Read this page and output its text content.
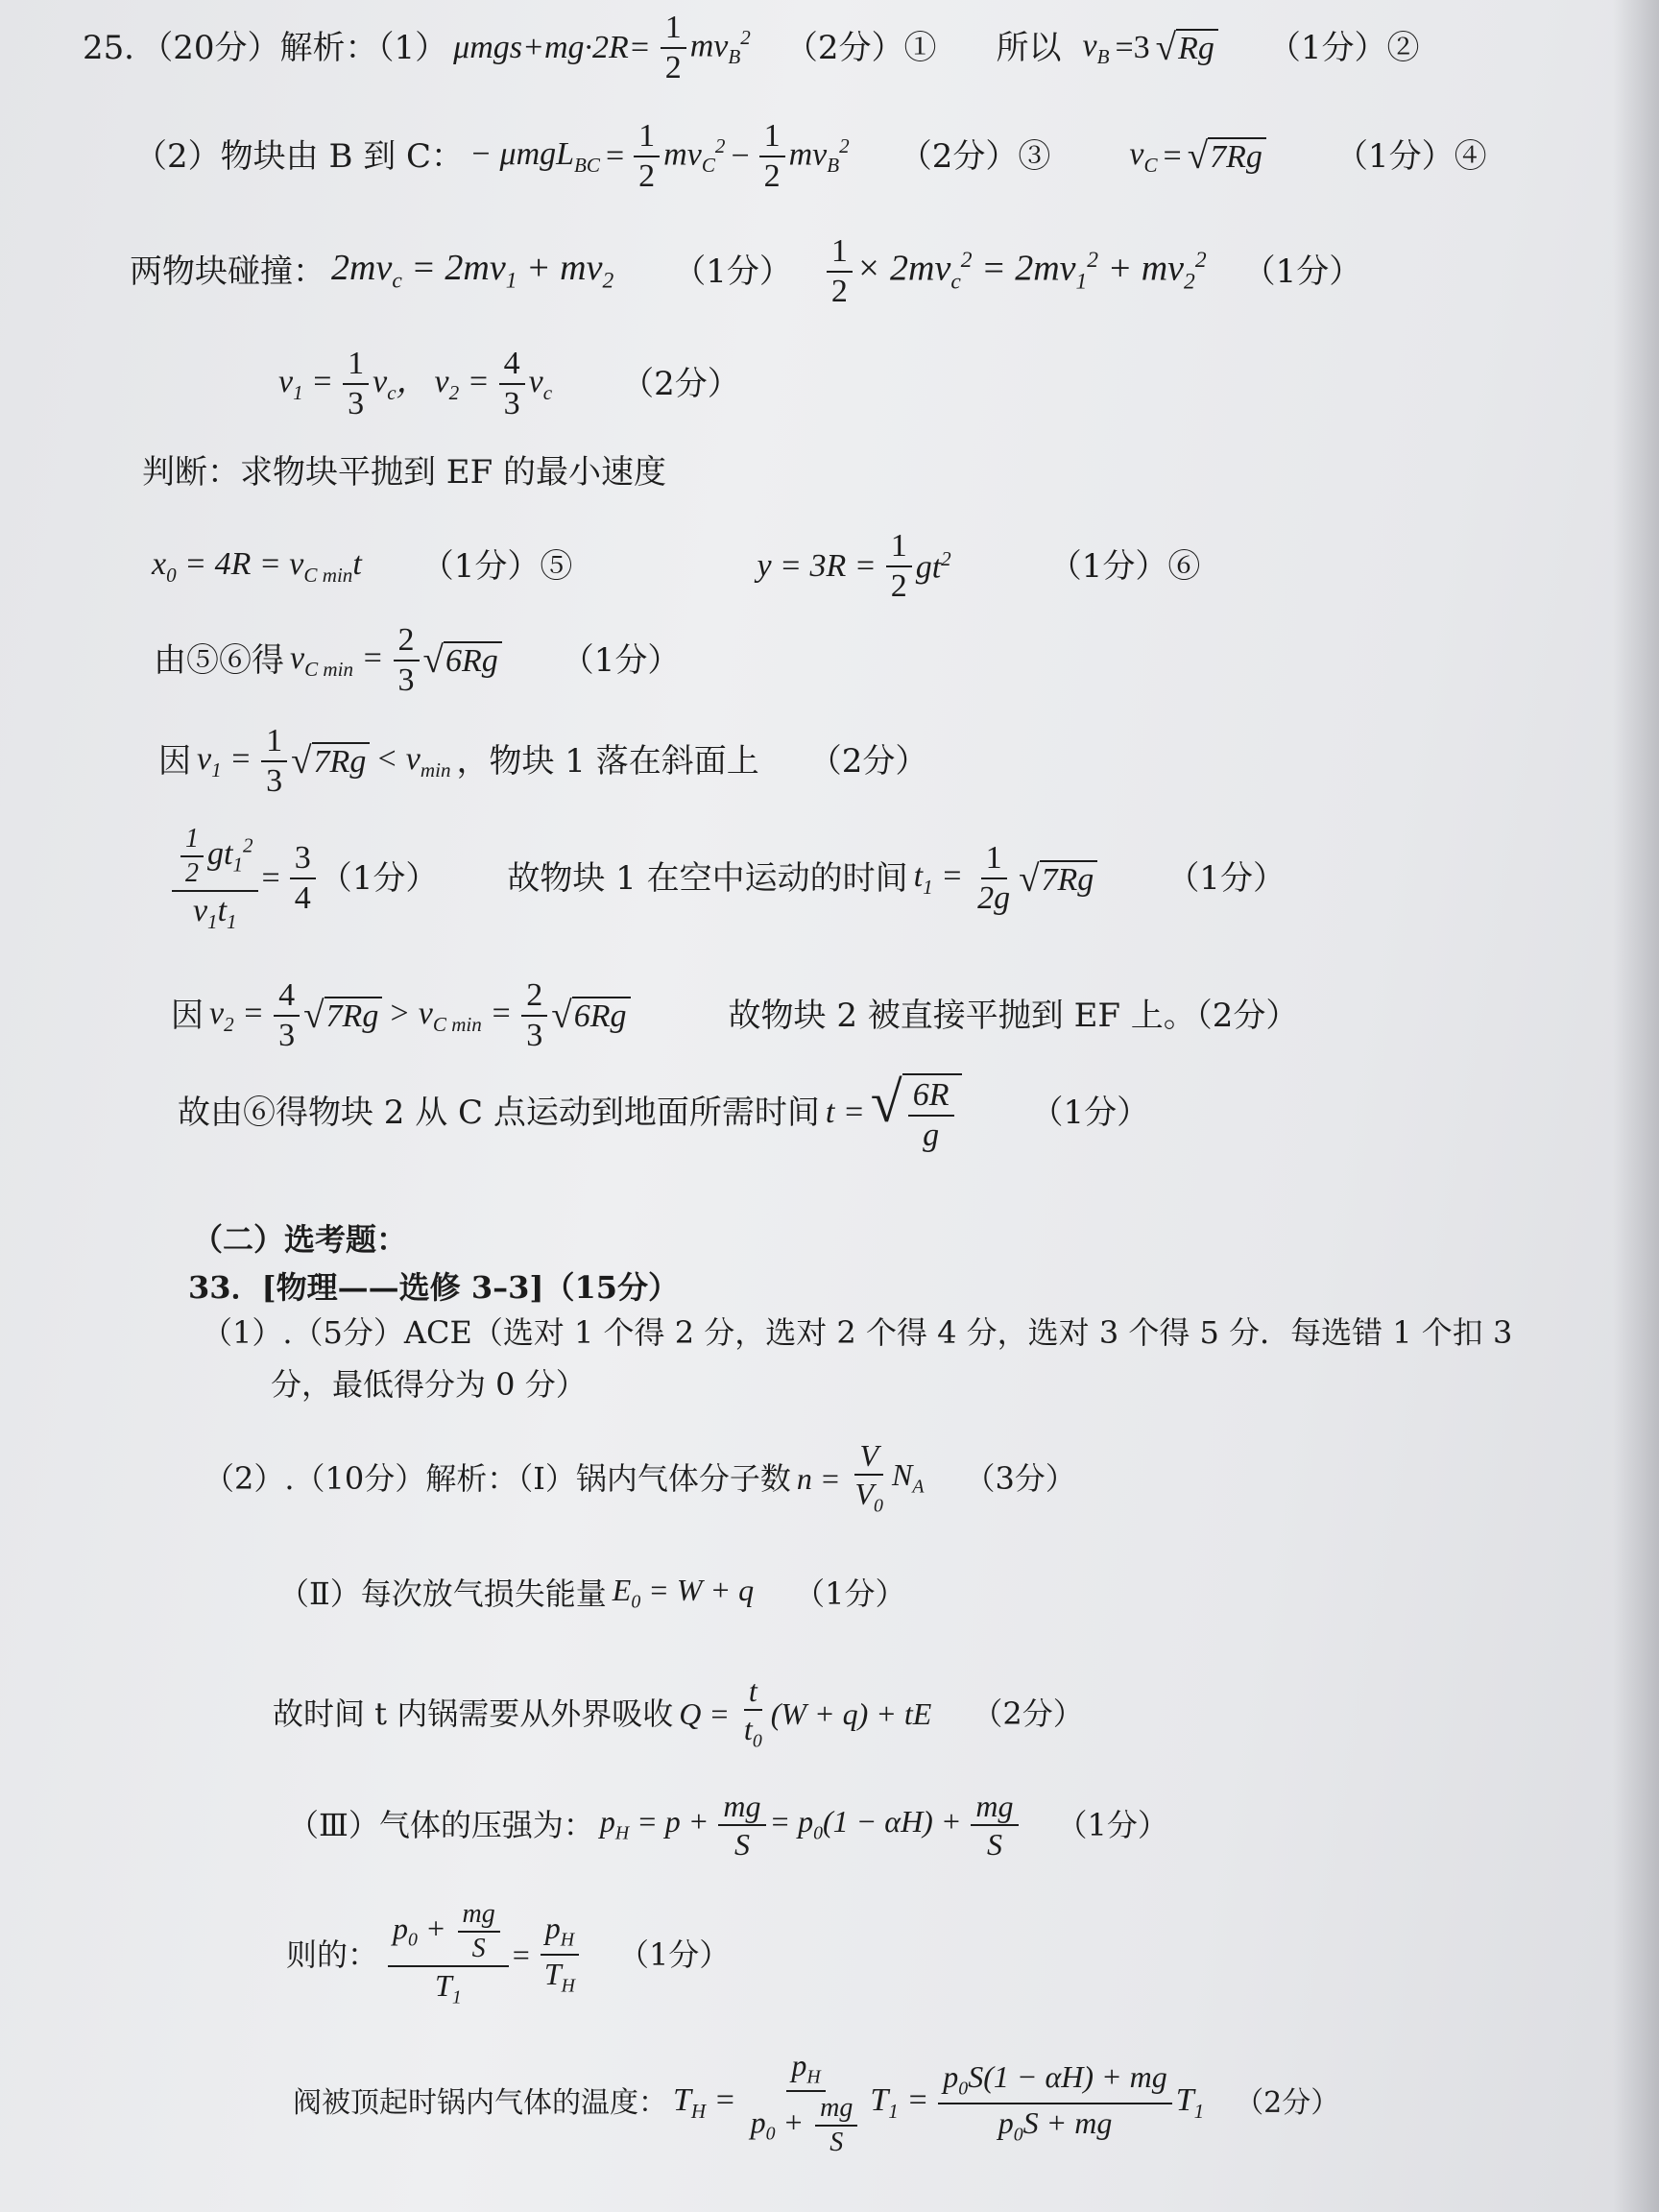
25．（20分）解析：（1） $\mu mgs+mg\cdot 2R= \frac{1}{2} mv_B^2$ （2分）① 所以 $v_B =3$ √ Rg （1分）②
（2）物块由 B 到 C： − $\mu mgL_{BC} = \frac{1}{2} mv_C^2 - \frac{1}{2} mv_B^2$ （2分）③ $v_C$ = √ 7Rg （1分）④
两物块碰撞： $2mv_c = 2mv_1 + mv_2$ （1分） $\frac{1}{2} \times 2mv_c^2 = 2mv_1^2 + mv_2^2$ （1分）
$v_1 = \frac{1}{3} v_c$， $v_2 = \frac{4}{3} v_c$ （2分）
判断：求物块平抛到 EF 的最小速度
$x_0 = 4R = v_{C min}t$ （1分）⑤	$y = 3R = \frac{1}{2} gt^2$	（1分）⑥
由⑤⑥得 $v_{C min} = \frac{2}{3}$ √ 6Rg （1分）
因 $v_1 = \frac{1}{3}$ √ $7Rg < v_{min}$ ，物块 1 落在斜面上 （2分）
$\frac{\frac{1}{2} gt_1^2}{v_1t_1} = \frac{3}{4} (1$分） 故物块 1 在空中运动的时间 $t_1 = \frac{1}{2g}$ √ 7Rg （1分）
因 $v_2 = \frac{4}{3}$ √ $7Rg > v_{C min} = \frac{2}{3}$ √ 6Rg	故物块 2 被直接平抛到 EF 上。（2分）
故由⑥得物块 2 从 C 点运动到地面所需时间 t = √ $\frac{6R}{g} (1$分）
（二）选考题：
33．[物理——选修 3–3]（15分）
（1）.（5分）ACE（选对 1 个得 2 分，选对 2 个得 4 分，选对 3 个得 5 分．每选错 1 个扣 3
分，最低得分为 0 分）
（2）.（10分）解析：（Ⅰ）锅内气体分子数 $n = \frac{V}{V_0} N_A$ （3分）
（Ⅱ）每次放气损失能量 $E_0 = W + q$ （1分）
故时间 t 内锅需要从外界吸收 $Q = \frac{t}{t_0} (W + q)$ + tE （2分）
（Ⅲ）气体的压强为： $p_H = p + \frac{mg}{S} = p_0(1 - \alpha H) + \frac{mg}{S} (1$分）
则的： $\frac{p_0 + \frac{mg}{S}}{T_1} = \frac{p_H}{T_H} (1$分）
阀被顶起时锅内气体的温度： $T_H = \frac{p_H}{p_0 + \frac{mg}{S}} T_1 = \frac{p_0S(1 - \alpha H) + mg}{p_0S + mg} T_1$ （2分）
